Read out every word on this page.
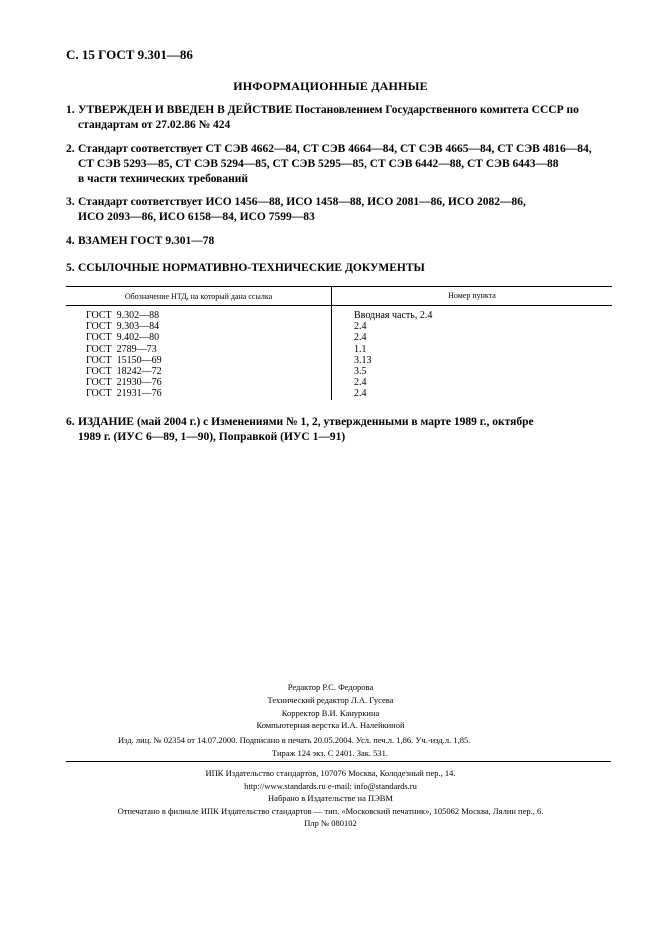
С. 15 ГОСТ 9.301—86
ИНФОРМАЦИОННЫЕ ДАННЫЕ
1. УТВЕРЖДЕН И ВВЕДЕН В ДЕЙСТВИЕ Постановлением Государственного комитета СССР по
стандартам от 27.02.86 № 424
2. Стандарт соответствует СТ СЭВ 4662—84, СТ СЭВ 4664—84, СТ СЭВ 4665—84, СТ СЭВ 4816—84,
СТ СЭВ 5293—85, СТ СЭВ 5294—85, СТ СЭВ 5295—85, СТ СЭВ 6442—88, СТ СЭВ 6443—88
в части технических требований
3. Стандарт соответствует ИСО 1456—88, ИСО 1458—88, ИСО 2081—86, ИСО 2082—86,
ИСО 2093—86, ИСО 6158—84, ИСО 7599—83
4. ВЗАМЕН ГОСТ 9.301—78
5. ССЫЛОЧНЫЕ НОРМАТИВНО-ТЕХНИЧЕСКИЕ ДОКУМЕНТЫ
Обозначение НТД, на который дана ссылка	Номер пункта
ГОСТ  9.302—88
ГОСТ  9.303—84
ГОСТ  9.402—80
ГОСТ  2789—73
ГОСТ  15150—69
ГОСТ  18242—72
ГОСТ  21930—76
ГОСТ  21931—76
Вводная часть, 2.4
2.4
2.4
1.1
3.13
3.5
2.4
2.4
6. ИЗДАНИЕ (май 2004 г.) с Изменениями № 1, 2, утвержденными в марте 1989 г., октябре
1989 г. (ИУС 6—89, 1—90), Поправкой (ИУС 1—91)
Редактор Р.С. Федорова
Технический редактор Л.А. Гусева
Корректор В.И. Кануркина
Компьютерная верстка И.А. Налейкиной
Изд. лиц. № 02354 от 14.07.2000. Подписано в печать 20.05.2004. Усл. печ.л. 1,86. Уч.-изд.л. 1,85.
Тираж 124 экз. С 2401. Зак. 531.
ИПК Издательство стандартов, 107076 Москва, Колодезный пер., 14.
http://www.standards.ru e-mail: info@standards.ru
Набрано в Издательстве на ПЭВМ
Отпечатано в филиале ИПК Издательство стандартов — тип. «Московский печатник», 105062 Москва, Лялин пер., 6.
Плр № 080102
